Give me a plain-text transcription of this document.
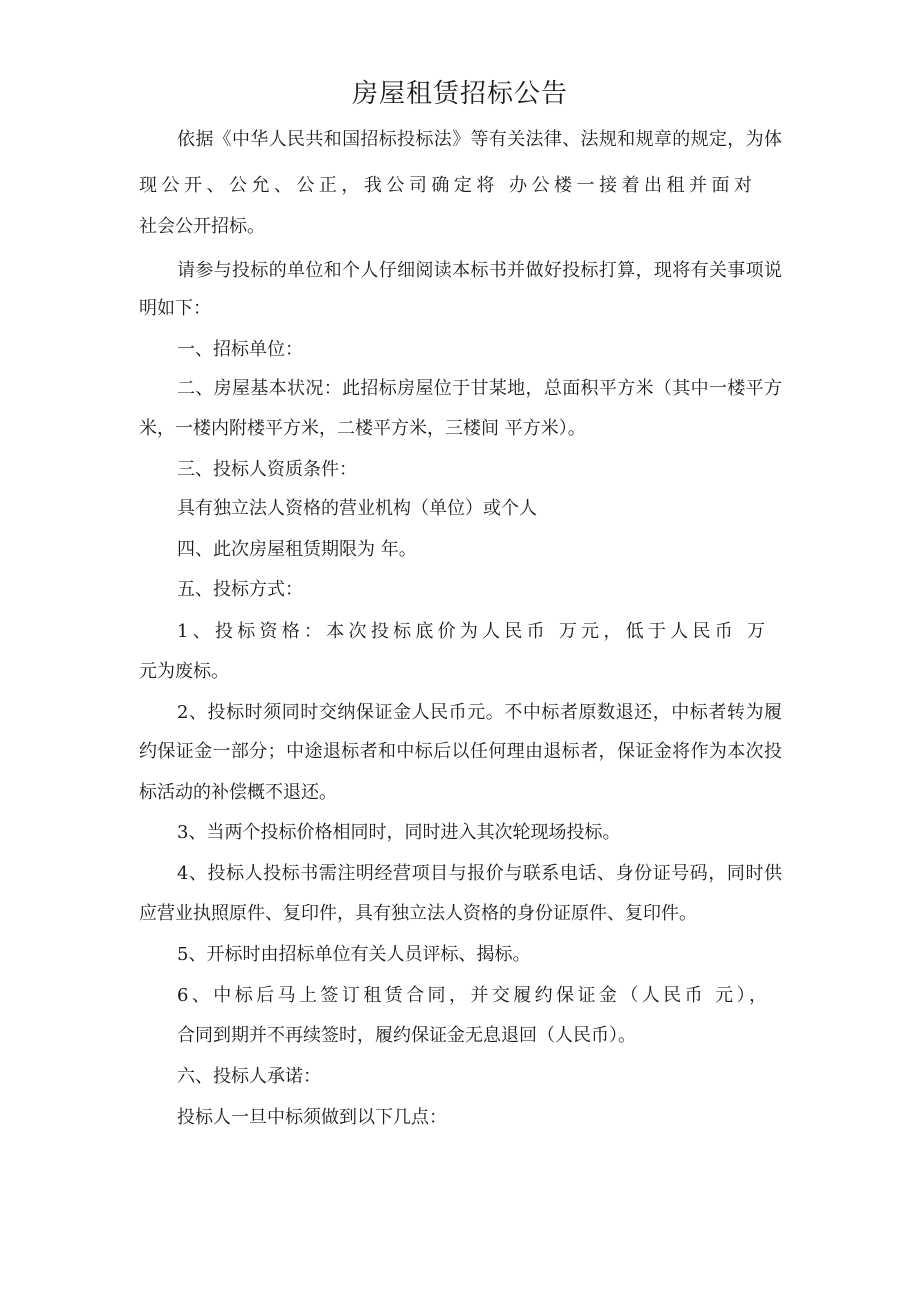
房屋租赁招标公告
依据《中华人民共和国招标投标法》等有关法律、法规和规章的规定，为体
现公开、公允、公正，我公司确定将 办公楼一接着出租并面对
社会公开招标。
请参与投标的单位和个人仔细阅读本标书并做好投标打算，现将有关事项说
明如下：
一、招标单位：
二、房屋基本状况：此招标房屋位于甘某地，总面积平方米（其中一楼平方
米，一楼内附楼平方米，二楼平方米，三楼间 平方米）。
三、投标人资质条件：
具有独立法人资格的营业机构（单位）或个人
四、此次房屋租赁期限为 年。
五、投标方式：
1、投标资格：本次投标底价为人民币 万元，低于人民币 万
元为废标。
2、投标时须同时交纳保证金人民币元。不中标者原数退还，中标者转为履
约保证金一部分；中途退标者和中标后以任何理由退标者，保证金将作为本次投
标活动的补偿概不退还。
3、当两个投标价格相同时，同时进入其次轮现场投标。
4、投标人投标书需注明经营项目与报价与联系电话、身份证号码，同时供
应营业执照原件、复印件，具有独立法人资格的身份证原件、复印件。
5、开标时由招标单位有关人员评标、揭标。
6、中标后马上签订租赁合同，并交履约保证金（人民币 元），
合同到期并不再续签时，履约保证金无息退回（人民币）。
六、投标人承诺：
投标人一旦中标须做到以下几点：
